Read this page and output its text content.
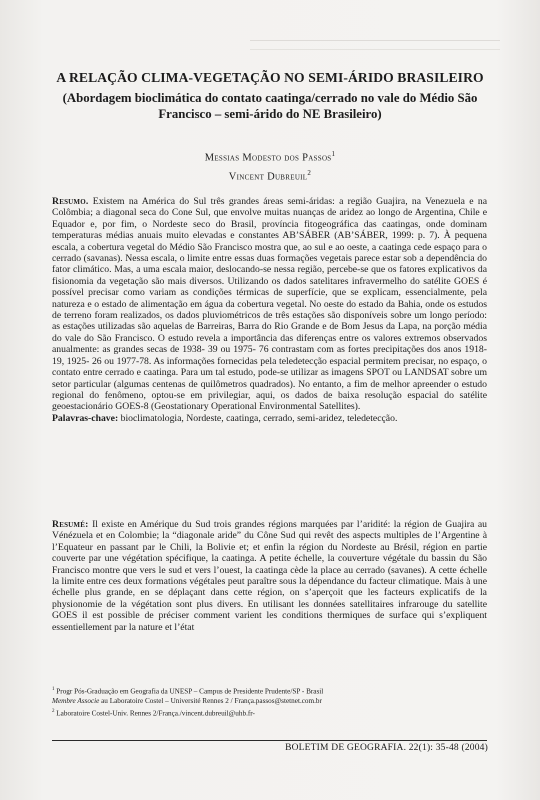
A RELAÇÃO CLIMA-VEGETAÇÃO NO SEMI-ÁRIDO BRASILEIRO
(Abordagem bioclimática do contato caatinga/cerrado no vale do Médio São Francisco – semi-árido do NE Brasileiro)
Messias Modesto dos Passos$^1$
Vincent Dubreuil$^2$
Resumo. Existem na América do Sul três grandes áreas semi-áridas: a região Guajira, na Venezuela e na Colômbia; a diagonal seca do Cone Sul, que envolve muitas nuanças de aridez ao longo de Argentina, Chile e Equador e, por fim, o Nordeste seco do Brasil, província fitogeográfica das caatingas, onde dominam temperaturas médias anuais muito elevadas e constantes AB’SÁBER (AB’SÁBER, 1999: p. 7). À pequena escala, a cobertura vegetal do Médio São Francisco mostra que, ao sul e ao oeste, a caatinga cede espaço para o cerrado (savanas). Nessa escala, o limite entre essas duas formações vegetais parece estar sob a dependência do fator climático. Mas, a uma escala maior, deslocando-se nessa região, percebe-se que os fatores explicativos da fisionomia da vegetação são mais diversos. Utilizando os dados satelitares infravermelho do satélite GOES é possível precisar como variam as condições térmicas de superfície, que se explicam, essencialmente, pela natureza e o estado de alimentação em água da cobertura vegetal. No oeste do estado da Bahia, onde os estudos de terreno foram realizados, os dados pluviométricos de três estações são disponíveis sobre um longo período: as estações utilizadas são aquelas de Barreiras, Barra do Rio Grande e de Bom Jesus da Lapa, na porção média do vale do São Francisco. O estudo revela a importância das diferenças entre os valores extremos observados anualmente: as grandes secas de 1938- 39 ou 1975- 76 contrastam com as fortes precipitações dos anos 1918- 19, 1925- 26 ou 1977-78. As informações fornecidas pela teledetecção espacial permitem precisar, no espaço, o contato entre cerrado e caatinga. Para um tal estudo, pode-se utilizar as imagens SPOT ou LANDSAT sobre um setor particular (algumas centenas de quilômetros quadrados). No entanto, a fim de melhor apreender o estudo regional do fenômeno, optou-se em privilegiar, aqui, os dados de baixa resolução espacial do satélite geoestacionário GOES-8 (Geostationary Operational Environmental Satellites).
Palavras-chave: bioclimatologia, Nordeste, caatinga, cerrado, semi-aridez, teledetecção.
Resumé: Il existe en Amérique du Sud trois grandes régions marquées par l’aridité: la région de Guajira au Vénézuela et en Colombie; la “diagonale aride” du Cône Sud qui revêt des aspects multiples de l’Argentine à l’Equateur en passant par le Chili, la Bolivie et; et enfin la région du Nordeste au Brésil, région en partie couverte par une végétation spécifique, la caatinga. A petite échelle, la couverture végétale du bassin du São Francisco montre que vers le sud et vers l’ouest, la caatinga cède la place au cerrado (savanes). A cette échelle la limite entre ces deux formations végétales peut paraître sous la dépendance du facteur climatique. Mais à une échelle plus grande, en se déplaçant dans cette région, on s’aperçoit que les facteurs explicatifs de la physionomie de la végétation sont plus divers. En utilisant les données satellitaires infrarouge du satellite GOES il est possible de préciser comment varient les conditions thermiques de surface qui s’expliquent essentiellement par la nature et l’état
$^1$ Progr Pós-Graduação em Geografia da UNESP – Campus de Presidente Prudente/SP - Brasil
Membre Associe au Laboratoire Costel – Université Rennes 2 / França.passos@stetnet.com.br
$^2$ Laboratoire Costel-Univ. Rennes 2/França./vincent.dubreuil@uhb.fr-
BOLETIM DE GEOGRAFIA. 22(1): 35-48 (2004)
